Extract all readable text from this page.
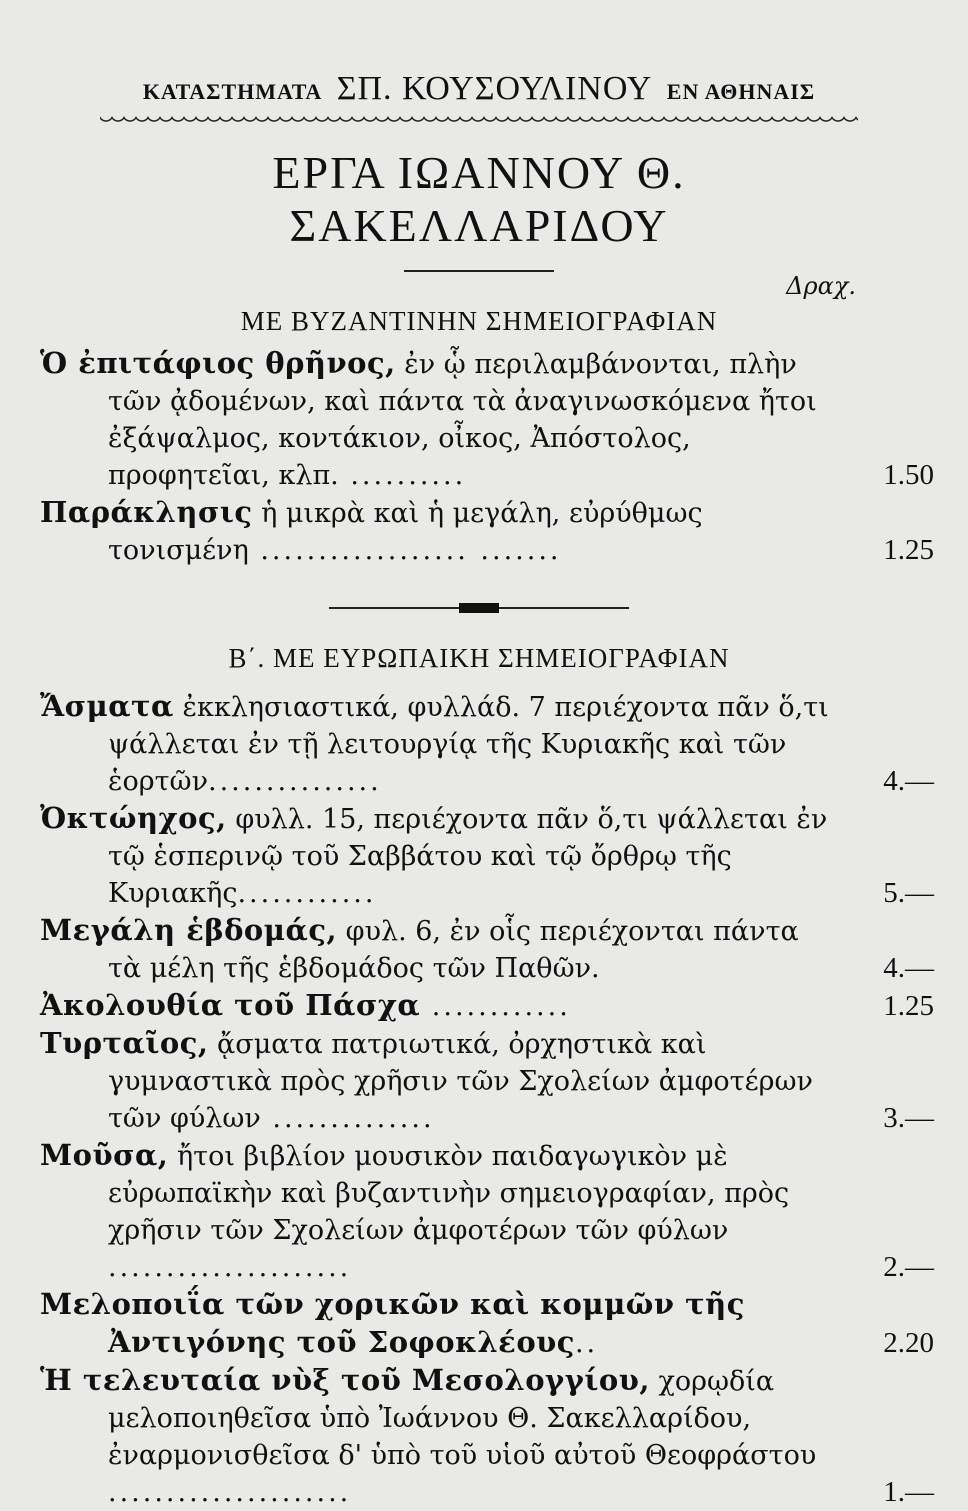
ΚΑΤΑΣΤΗΜΑΤΑ ΣΠ. ΚΟΥΣΟΥΛΙΝΟΥ ΕΝ ΑΘΗΝΑΙΣ
ΕΡΓΑ ΙΩΑΝΝΟΥ Θ. ΣΑΚΕΛΛΑΡΙΔΟΥ
ΜΕ ΒΥΖΑΝΤΙΝΗΝ ΣΗΜΕΙΟΓΡΑΦΙΑΝ
Δραχ.
Ὁ ἐπιτάφιος θρῆνος, ἐν ᾧ περιλαμβάνονται, πλὴν τῶν ᾀδομένων, καὶ πάντα τὰ ἀναγινωσκόμενα ἤτοι ἐξάψαλμος, κοντάκιον, οἶκος, Ἀπόστολος, προφητεῖαι, κλπ. ..........	1.50
Παράκλησις ἡ μικρὰ καὶ ἡ μεγάλη, εὐρύθμως τονισμένη .................. .......	1.25
Β΄. ΜΕ ΕΥΡΩΠΑΙΚΗ ΣΗΜΕΙΟΓΡΑΦΙΑΝ
Ἄσματα ἐκκλησιαστικά, φυλλάδ. 7 περιέχοντα πᾶν ὅ,τι ψάλλεται ἐν τῇ λειτουργίᾳ τῆς Κυριακῆς καὶ τῶν ἑορτῶν...............	4.—
Ὀκτώηχος, φυλλ. 15, περιέχοντα πᾶν ὅ,τι ψάλλεται ἐν τῷ ἑσπερινῷ τοῦ Σαββάτου καὶ τῷ ὄρθρῳ τῆς Κυριακῆς............	5.—
Μεγάλη ἑβδομάς, φυλ. 6, ἐν οἷς περιέχονται πάντα τὰ μέλη τῆς ἑβδομάδος τῶν Παθῶν.	4.—
Ἀκολουθία τοῦ Πάσχα ............	1.25
Τυρταῖος, ᾄσματα πατριωτικά, ὀρχηστικὰ καὶ γυμναστικὰ πρὸς χρῆσιν τῶν Σχολείων ἀμφοτέρων τῶν φύλων ..............	3.—
Μοῦσα, ἤτοι βιβλίον μουσικὸν παιδαγωγικὸν μὲ εὐρωπαϊκὴν καὶ βυζαντινὴν σημειογραφίαν, πρὸς χρῆσιν τῶν Σχολείων ἀμφοτέρων τῶν φύλων .....................	2.—
Μελοποιΐα τῶν χορικῶν καὶ κομμῶν τῆς Ἀντιγόνης τοῦ Σοφοκλέους..	2.20
Ἡ τελευταία νὺξ τοῦ Μεσολογγίου, χορῳδία μελοποιηθεῖσα ὑπὸ Ἰωάννου Θ. Σακελλαρίδου, ἐναρμονισθεῖσα δ' ὑπὸ τοῦ υἱοῦ αὐτοῦ Θεοφράστου .....................	1.—
